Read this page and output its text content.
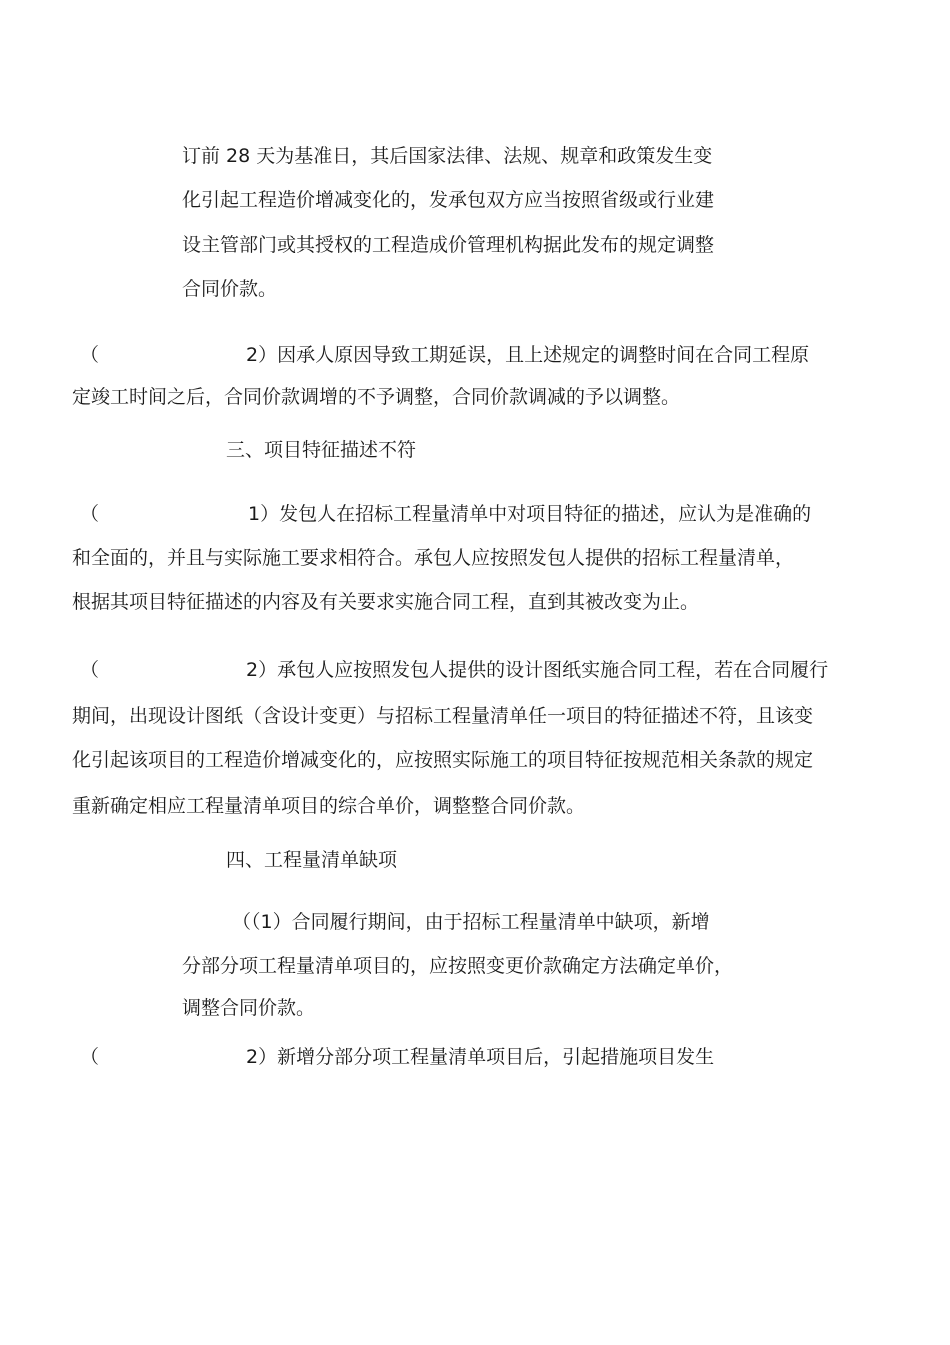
订前 28 天为基准日，其后国家法律、法规、规章和政策发生变
化引起工程造价增减变化的，发承包双方应当按照省级或行业建
设主管部门或其授权的工程造成价管理机构据此发布的规定调整
合同价款。
（	2）因承人原因导致工期延误，且上述规定的调整时间在合同工程原
定竣工时间之后，合同价款调增的不予调整，合同价款调减的予以调整。
三、项目特征描述不符
（	1）发包人在招标工程量清单中对项目特征的描述，应认为是准确的
和全面的，并且与实际施工要求相符合。承包人应按照发包人提供的招标工程量清单，
根据其项目特征描述的内容及有关要求实施合同工程，直到其被改变为止。
（	2）承包人应按照发包人提供的设计图纸实施合同工程，若在合同履行
期间，出现设计图纸（含设计变更）与招标工程量清单任一项目的特征描述不符，且该变
化引起该项目的工程造价增减变化的，应按照实际施工的项目特征按规范相关条款的规定
重新确定相应工程量清单项目的综合单价，调整整合同价款。
四、工程量清单缺项
（（1）合同履行期间，由于招标工程量清单中缺项，新增
分部分项工程量清单项目的，应按照变更价款确定方法确定单价，
调整合同价款。
（	2）新增分部分项工程量清单项目后，引起措施项目发生
